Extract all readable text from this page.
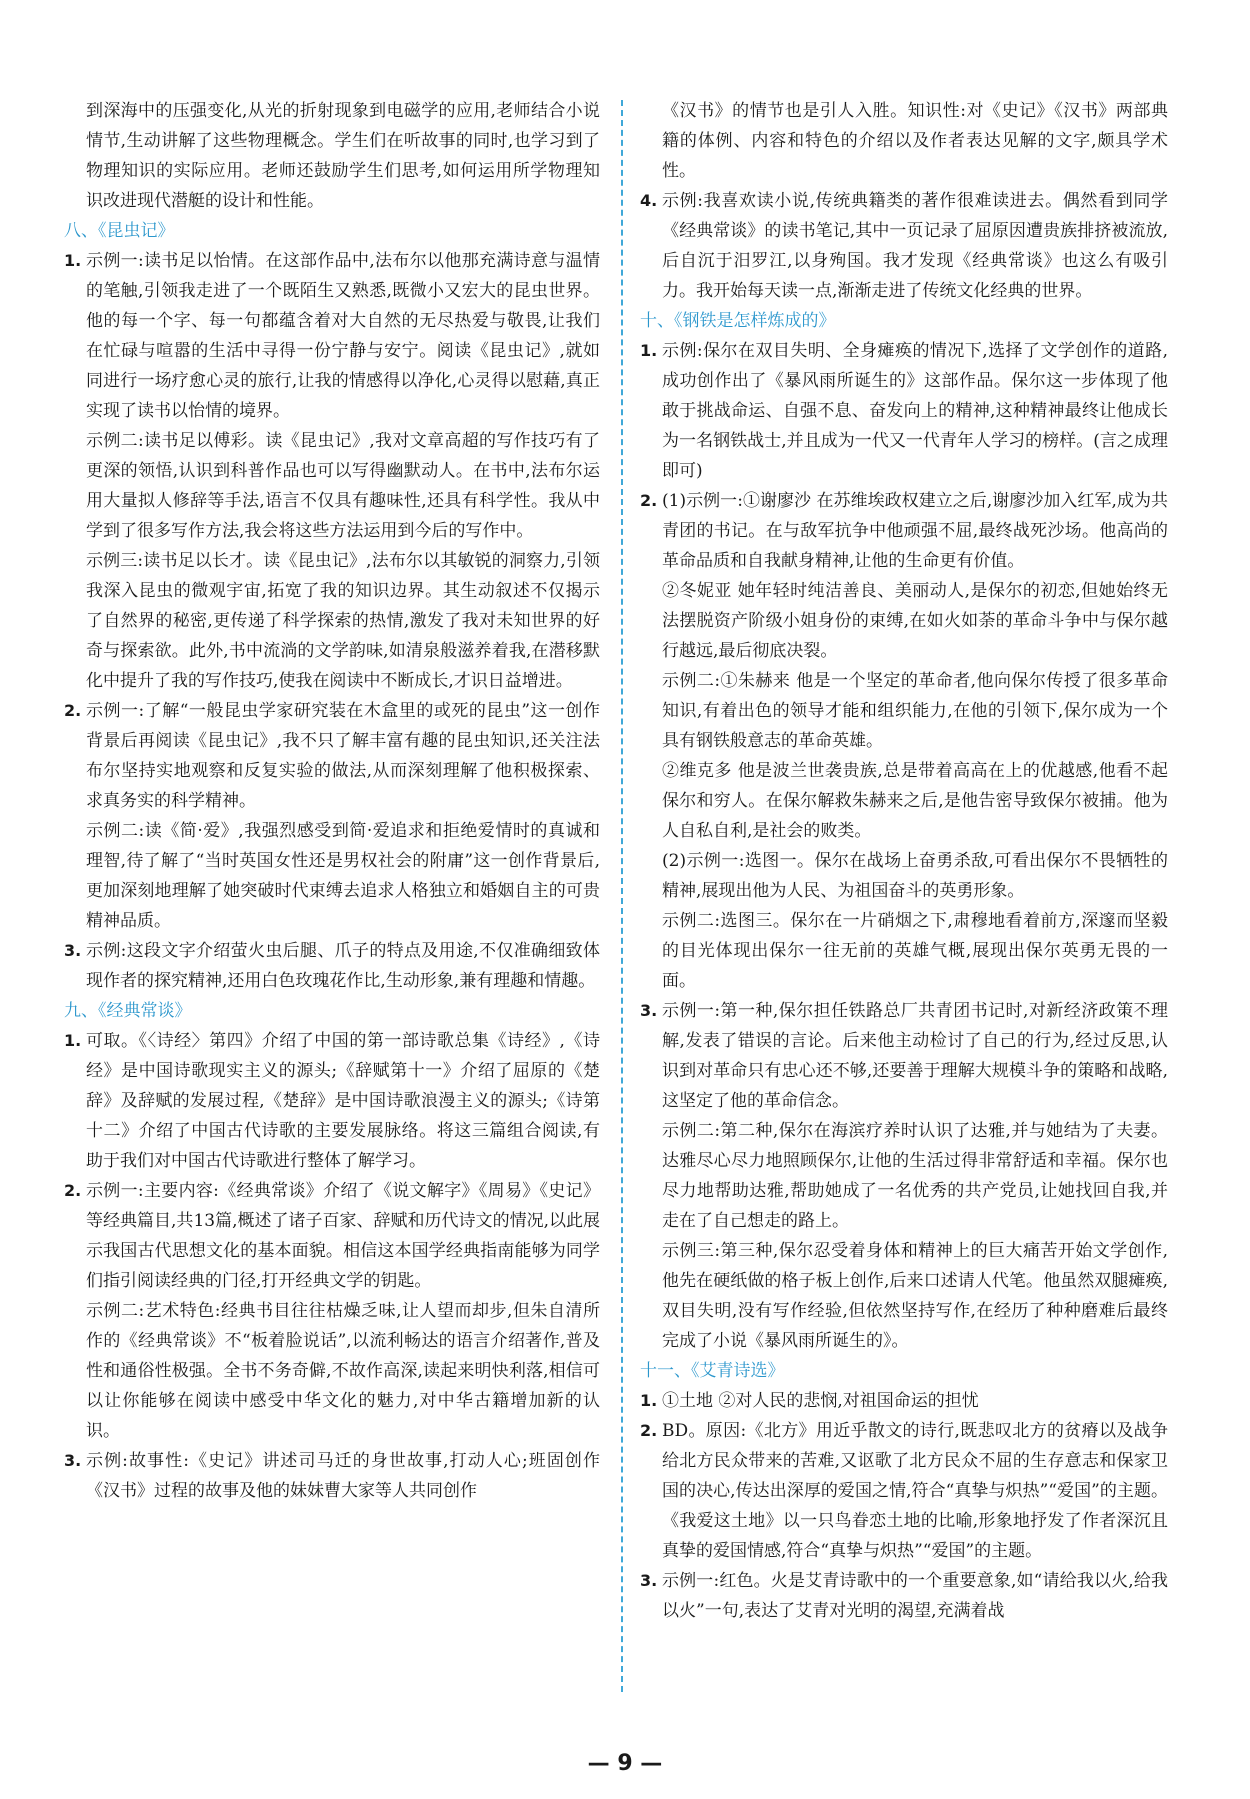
到深海中的压强变化,从光的折射现象到电磁学的应用,老师结合小说情节,生动讲解了这些物理概念。学生们在听故事的同时,也学习到了物理知识的实际应用。老师还鼓励学生们思考,如何运用所学物理知识改进现代潜艇的设计和性能。

八、《昆虫记》

1. 示例一:读书足以怡情。在这部作品中,法布尔以他那充满诗意与温情的笔触,引领我走进了一个既陌生又熟悉,既微小又宏大的昆虫世界。他的每一个字、每一句都蕴含着对大自然的无尽热爱与敬畏,让我们在忙碌与喧嚣的生活中寻得一份宁静与安宁。阅读《昆虫记》,就如同进行一场疗愈心灵的旅行,让我的情感得以净化,心灵得以慰藉,真正实现了读书以怡情的境界。

示例二:读书足以傅彩。读《昆虫记》,我对文章高超的写作技巧有了更深的领悟,认识到科普作品也可以写得幽默动人。在书中,法布尔运用大量拟人修辞等手法,语言不仅具有趣味性,还具有科学性。我从中学到了很多写作方法,我会将这些方法运用到今后的写作中。

示例三:读书足以长才。读《昆虫记》,法布尔以其敏锐的洞察力,引领我深入昆虫的微观宇宙,拓宽了我的知识边界。其生动叙述不仅揭示了自然界的秘密,更传递了科学探索的热情,激发了我对未知世界的好奇与探索欲。此外,书中流淌的文学韵味,如清泉般滋养着我,在潜移默化中提升了我的写作技巧,使我在阅读中不断成长,才识日益增进。

2. 示例一:了解“一般昆虫学家研究装在木盒里的或死的昆虫”这一创作背景后再阅读《昆虫记》,我不只了解丰富有趣的昆虫知识,还关注法布尔坚持实地观察和反复实验的做法,从而深刻理解了他积极探索、求真务实的科学精神。

示例二:读《简·爱》,我强烈感受到简·爱追求和拒绝爱情时的真诚和理智,待了解了“当时英国女性还是男权社会的附庸”这一创作背景后,更加深刻地理解了她突破时代束缚去追求人格独立和婚姻自主的可贵精神品质。

3. 示例:这段文字介绍萤火虫后腿、爪子的特点及用途,不仅准确细致体现作者的探究精神,还用白色玫瑰花作比,生动形象,兼有理趣和情趣。

九、《经典常谈》

1. 可取。《〈诗经〉第四》介绍了中国的第一部诗歌总集《诗经》,《诗经》是中国诗歌现实主义的源头;《辞赋第十一》介绍了屈原的《楚辞》及辞赋的发展过程,《楚辞》是中国诗歌浪漫主义的源头;《诗第十二》介绍了中国古代诗歌的主要发展脉络。将这三篇组合阅读,有助于我们对中国古代诗歌进行整体了解学习。

2. 示例一:主要内容:《经典常谈》介绍了《说文解字》《周易》《史记》等经典篇目,共13篇,概述了诸子百家、辞赋和历代诗文的情况,以此展示我国古代思想文化的基本面貌。相信这本国学经典指南能够为同学们指引阅读经典的门径,打开经典文学的钥匙。

示例二:艺术特色:经典书目往往枯燥乏味,让人望而却步,但朱自清所作的《经典常谈》不“板着脸说话”,以流利畅达的语言介绍著作,普及性和通俗性极强。全书不务奇僻,不故作高深,读起来明快利落,相信可以让你能够在阅读中感受中华文化的魅力,对中华古籍增加新的认识。

3. 示例:故事性:《史记》讲述司马迁的身世故事,打动人心;班固创作《汉书》过程的故事及他的妹妹曹大家等人共同创作

《汉书》的情节也是引人入胜。知识性:对《史记》《汉书》两部典籍的体例、内容和特色的介绍以及作者表达见解的文字,颇具学术性。

4. 示例:我喜欢读小说,传统典籍类的著作很难读进去。偶然看到同学《经典常谈》的读书笔记,其中一页记录了屈原因遭贵族排挤被流放,后自沉于汨罗江,以身殉国。我才发现《经典常谈》也这么有吸引力。我开始每天读一点,渐渐走进了传统文化经典的世界。

十、《钢铁是怎样炼成的》

1. 示例:保尔在双目失明、全身瘫痪的情况下,选择了文学创作的道路,成功创作出了《暴风雨所诞生的》这部作品。保尔这一步体现了他敢于挑战命运、自强不息、奋发向上的精神,这种精神最终让他成长为一名钢铁战士,并且成为一代又一代青年人学习的榜样。(言之成理即可)

2. (1)示例一:①谢廖沙 在苏维埃政权建立之后,谢廖沙加入红军,成为共青团的书记。在与敌军抗争中他顽强不屈,最终战死沙场。他高尚的革命品质和自我献身精神,让他的生命更有价值。

②冬妮亚 她年轻时纯洁善良、美丽动人,是保尔的初恋,但她始终无法摆脱资产阶级小姐身份的束缚,在如火如荼的革命斗争中与保尔越行越远,最后彻底决裂。

示例二:①朱赫来 他是一个坚定的革命者,他向保尔传授了很多革命知识,有着出色的领导才能和组织能力,在他的引领下,保尔成为一个具有钢铁般意志的革命英雄。

②维克多 他是波兰世袭贵族,总是带着高高在上的优越感,他看不起保尔和穷人。在保尔解救朱赫来之后,是他告密导致保尔被捕。他为人自私自利,是社会的败类。

(2)示例一:选图一。保尔在战场上奋勇杀敌,可看出保尔不畏牺牲的精神,展现出他为人民、为祖国奋斗的英勇形象。

示例二:选图三。保尔在一片硝烟之下,肃穆地看着前方,深邃而坚毅的目光体现出保尔一往无前的英雄气概,展现出保尔英勇无畏的一面。

3. 示例一:第一种,保尔担任铁路总厂共青团书记时,对新经济政策不理解,发表了错误的言论。后来他主动检讨了自己的行为,经过反思,认识到对革命只有忠心还不够,还要善于理解大规模斗争的策略和战略,这坚定了他的革命信念。

示例二:第二种,保尔在海滨疗养时认识了达雅,并与她结为了夫妻。达雅尽心尽力地照顾保尔,让他的生活过得非常舒适和幸福。保尔也尽力地帮助达雅,帮助她成了一名优秀的共产党员,让她找回自我,并走在了自己想走的路上。

示例三:第三种,保尔忍受着身体和精神上的巨大痛苦开始文学创作,他先在硬纸做的格子板上创作,后来口述请人代笔。他虽然双腿瘫痪,双目失明,没有写作经验,但依然坚持写作,在经历了种种磨难后最终完成了小说《暴风雨所诞生的》。

十一、《艾青诗选》

1. ①土地 ②对人民的悲悯,对祖国命运的担忧

2. BD。原因:《北方》用近乎散文的诗行,既悲叹北方的贫瘠以及战争给北方民众带来的苦难,又讴歌了北方民众不屈的生存意志和保家卫国的决心,传达出深厚的爱国之情,符合“真挚与炽热”“爱国”的主题。《我爱这土地》以一只鸟眷恋土地的比喻,形象地抒发了作者深沉且真挚的爱国情感,符合“真挚与炽热”“爱国”的主题。

3. 示例一:红色。火是艾青诗歌中的一个重要意象,如“请给我以火,给我以火”一句,表达了艾青对光明的渴望,充满着战

— 9 —
